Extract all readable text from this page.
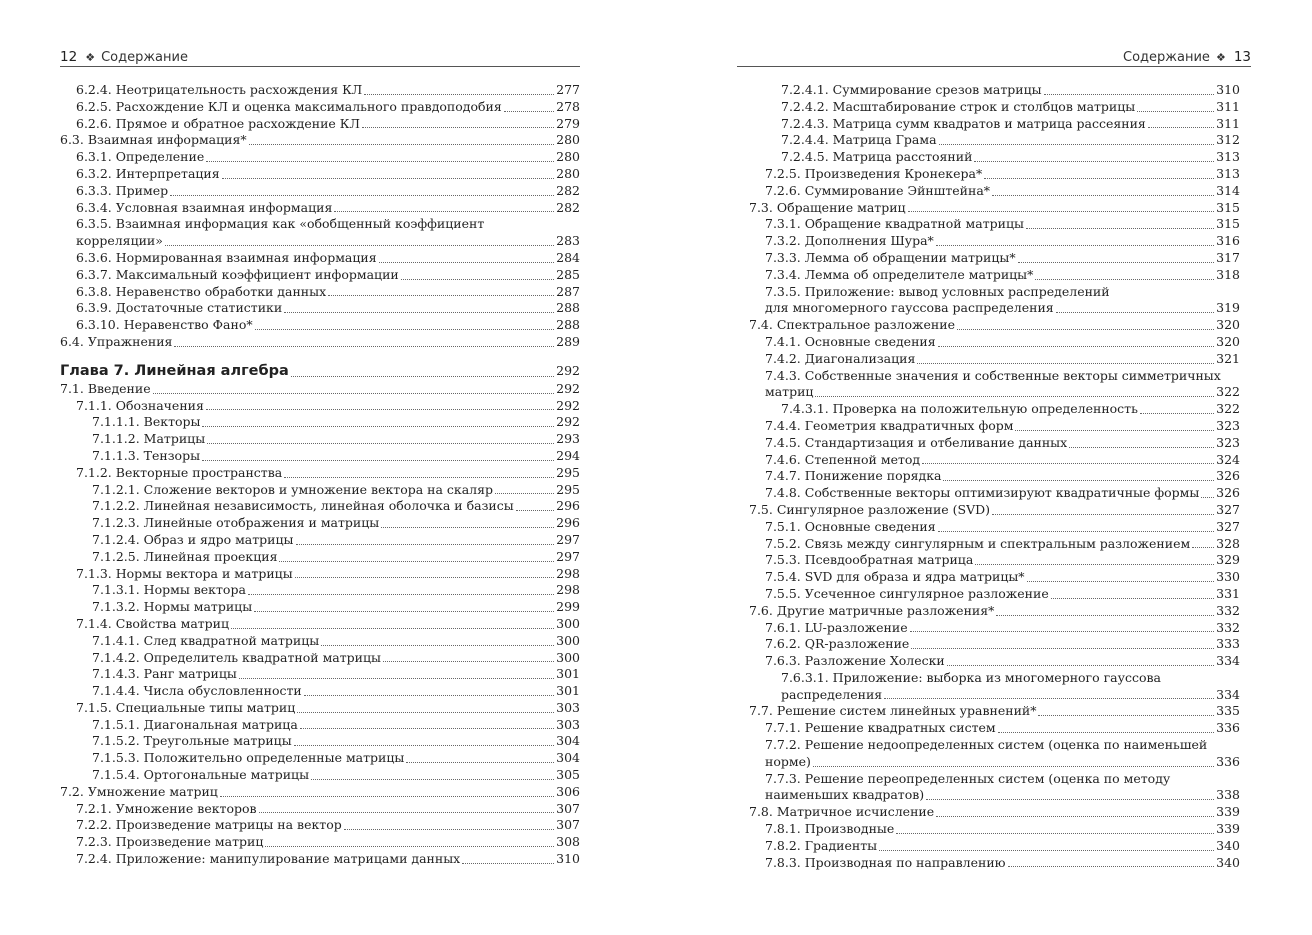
12 ❖ Содержание
6.2.4. Неотрицательность расхождения КЛ	277
6.2.5. Расхождение КЛ и оценка максимального правдоподобия	278
6.2.6. Прямое и обратное расхождение КЛ	279
6.3. Взаимная информация*	280
6.3.1. Определение	280
6.3.2. Интерпретация	280
6.3.3. Пример	282
6.3.4. Условная взаимная информация	282
6.3.5. Взаимная информация как «обобщенный коэффициент
корреляции»	283
6.3.6. Нормированная взаимная информация	284
6.3.7. Максимальный коэффициент информации	285
6.3.8. Неравенство обработки данных	287
6.3.9. Достаточные статистики	288
6.3.10. Неравенство Фано*	288
6.4. Упражнения	289
Глава 7. Линейная алгебра	292
7.1. Введение	292
7.1.1. Обозначения	292
7.1.1.1. Векторы	292
7.1.1.2. Матрицы	293
7.1.1.3. Тензоры	294
7.1.2. Векторные пространства	295
7.1.2.1. Сложение векторов и умножение вектора на скаляр	295
7.1.2.2. Линейная независимость, линейная оболочка и базисы	296
7.1.2.3. Линейные отображения и матрицы	296
7.1.2.4. Образ и ядро матрицы	297
7.1.2.5. Линейная проекция	297
7.1.3. Нормы вектора и матрицы	298
7.1.3.1. Нормы вектора	298
7.1.3.2. Нормы матрицы	299
7.1.4. Свойства матриц	300
7.1.4.1. След квадратной матрицы	300
7.1.4.2. Определитель квадратной матрицы	300
7.1.4.3. Ранг матрицы	301
7.1.4.4. Числа обусловленности	301
7.1.5. Специальные типы матриц	303
7.1.5.1. Диагональная матрица	303
7.1.5.2. Треугольные матрицы	304
7.1.5.3. Положительно определенные матрицы	304
7.1.5.4. Ортогональные матрицы	305
7.2. Умножение матриц	306
7.2.1. Умножение векторов	307
7.2.2. Произведение матрицы на вектор	307
7.2.3. Произведение матриц	308
7.2.4. Приложение: манипулирование матрицами данных	310
Содержание ❖ 13
7.2.4.1. Суммирование срезов матрицы	310
7.2.4.2. Масштабирование строк и столбцов матрицы	311
7.2.4.3. Матрица сумм квадратов и матрица рассеяния	311
7.2.4.4. Матрица Грама	312
7.2.4.5. Матрица расстояний	313
7.2.5. Произведения Кронекера*	313
7.2.6. Суммирование Эйнштейна*	314
7.3. Обращение матриц	315
7.3.1. Обращение квадратной матрицы	315
7.3.2. Дополнения Шура*	316
7.3.3. Лемма об обращении матрицы*	317
7.3.4. Лемма об определителе матрицы*	318
7.3.5. Приложение: вывод условных распределений
для многомерного гауссова распределения	319
7.4. Спектральное разложение	320
7.4.1. Основные сведения	320
7.4.2. Диагонализация	321
7.4.3. Собственные значения и собственные векторы симметричных
матриц	322
7.4.3.1. Проверка на положительную определенность	322
7.4.4. Геометрия квадратичных форм	323
7.4.5. Стандартизация и отбеливание данных	323
7.4.6. Степенной метод	324
7.4.7. Понижение порядка	326
7.4.8. Собственные векторы оптимизируют квадратичные формы 326
7.5. Сингулярное разложение (SVD)	327
7.5.1. Основные сведения	327
7.5.2. Связь между сингулярным и спектральным разложением 328
7.5.3. Псевдообратная матрица	329
7.5.4. SVD для образа и ядра матрицы*	330
7.5.5. Усеченное сингулярное разложение	331
7.6. Другие матричные разложения*	332
7.6.1. LU-разложение	332
7.6.2. QR-разложение	333
7.6.3. Разложение Холески	334
7.6.3.1. Приложение: выборка из многомерного гауссова
распределения	334
7.7. Решение систем линейных уравнений*	335
7.7.1. Решение квадратных систем	336
7.7.2. Решение недоопределенных систем (оценка по наименьшей
норме)	336
7.7.3. Решение переопределенных систем (оценка по методу
наименьших квадратов)	338
7.8. Матричное исчисление	339
7.8.1. Производные	339
7.8.2. Градиенты	340
7.8.3. Производная по направлению	340
